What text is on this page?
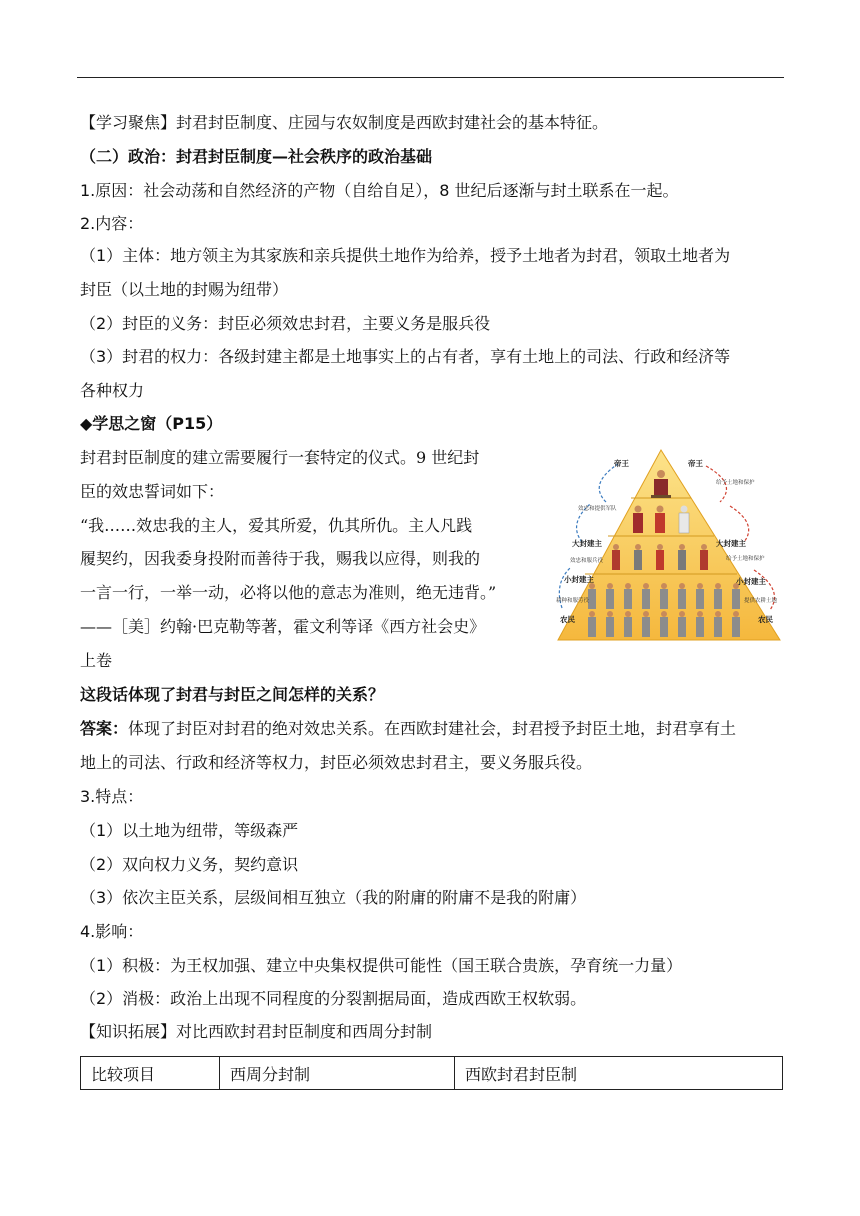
【学习聚焦】封君封臣制度、庄园与农奴制度是西欧封建社会的基本特征。
（二）政治：封君封臣制度—社会秩序的政治基础
1.原因：社会动荡和自然经济的产物（自给自足），8 世纪后逐渐与封土联系在一起。
2.内容：
（1）主体：地方领主为其家族和亲兵提供土地作为给养，授予土地者为封君，领取土地者为
封臣（以土地的封赐为纽带）
（2）封臣的义务：封臣必须效忠封君，主要义务是服兵役
（3）封君的权力：各级封建主都是土地事实上的占有者，享有土地上的司法、行政和经济等
各种权力
◆学思之窗（P15）
封君封臣制度的建立需要履行一套特定的仪式。9 世纪封
臣的效忠誓词如下：
“我……效忠我的主人，爱其所爱，仇其所仇。主人凡践
履契约，因我委身投附而善待于我，赐我以应得，则我的
一言一行，一举一动，必将以他的意志为准则，绝无违背。”
——［美］约翰·巴克勒等著，霍文利等译《西方社会史》
上卷
帝王	帝王
大封建主	大封建主
小封建主	小封建主
农民	农民
效忠和提供军队
给予土地和保护
效忠和服兵役	给予土地和保护
耕种和服劳役	提供农耕土地
这段话体现了封君与封臣之间怎样的关系？
答案：体现了封臣对封君的绝对效忠关系。在西欧封建社会，封君授予封臣土地，封君享有土
地上的司法、行政和经济等权力，封臣必须效忠封君主，要义务服兵役。
3.特点：
（1）以土地为纽带，等级森严
（2）双向权力义务，契约意识
（3）依次主臣关系，层级间相互独立（我的附庸的附庸不是我的附庸）
4.影响：
（1）积极：为王权加强、建立中央集权提供可能性（国王联合贵族，孕育统一力量）
（2）消极：政治上出现不同程度的分裂割据局面，造成西欧王权软弱。
【知识拓展】对比西欧封君封臣制度和西周分封制
比较项目	西周分封制	西欧封君封臣制
